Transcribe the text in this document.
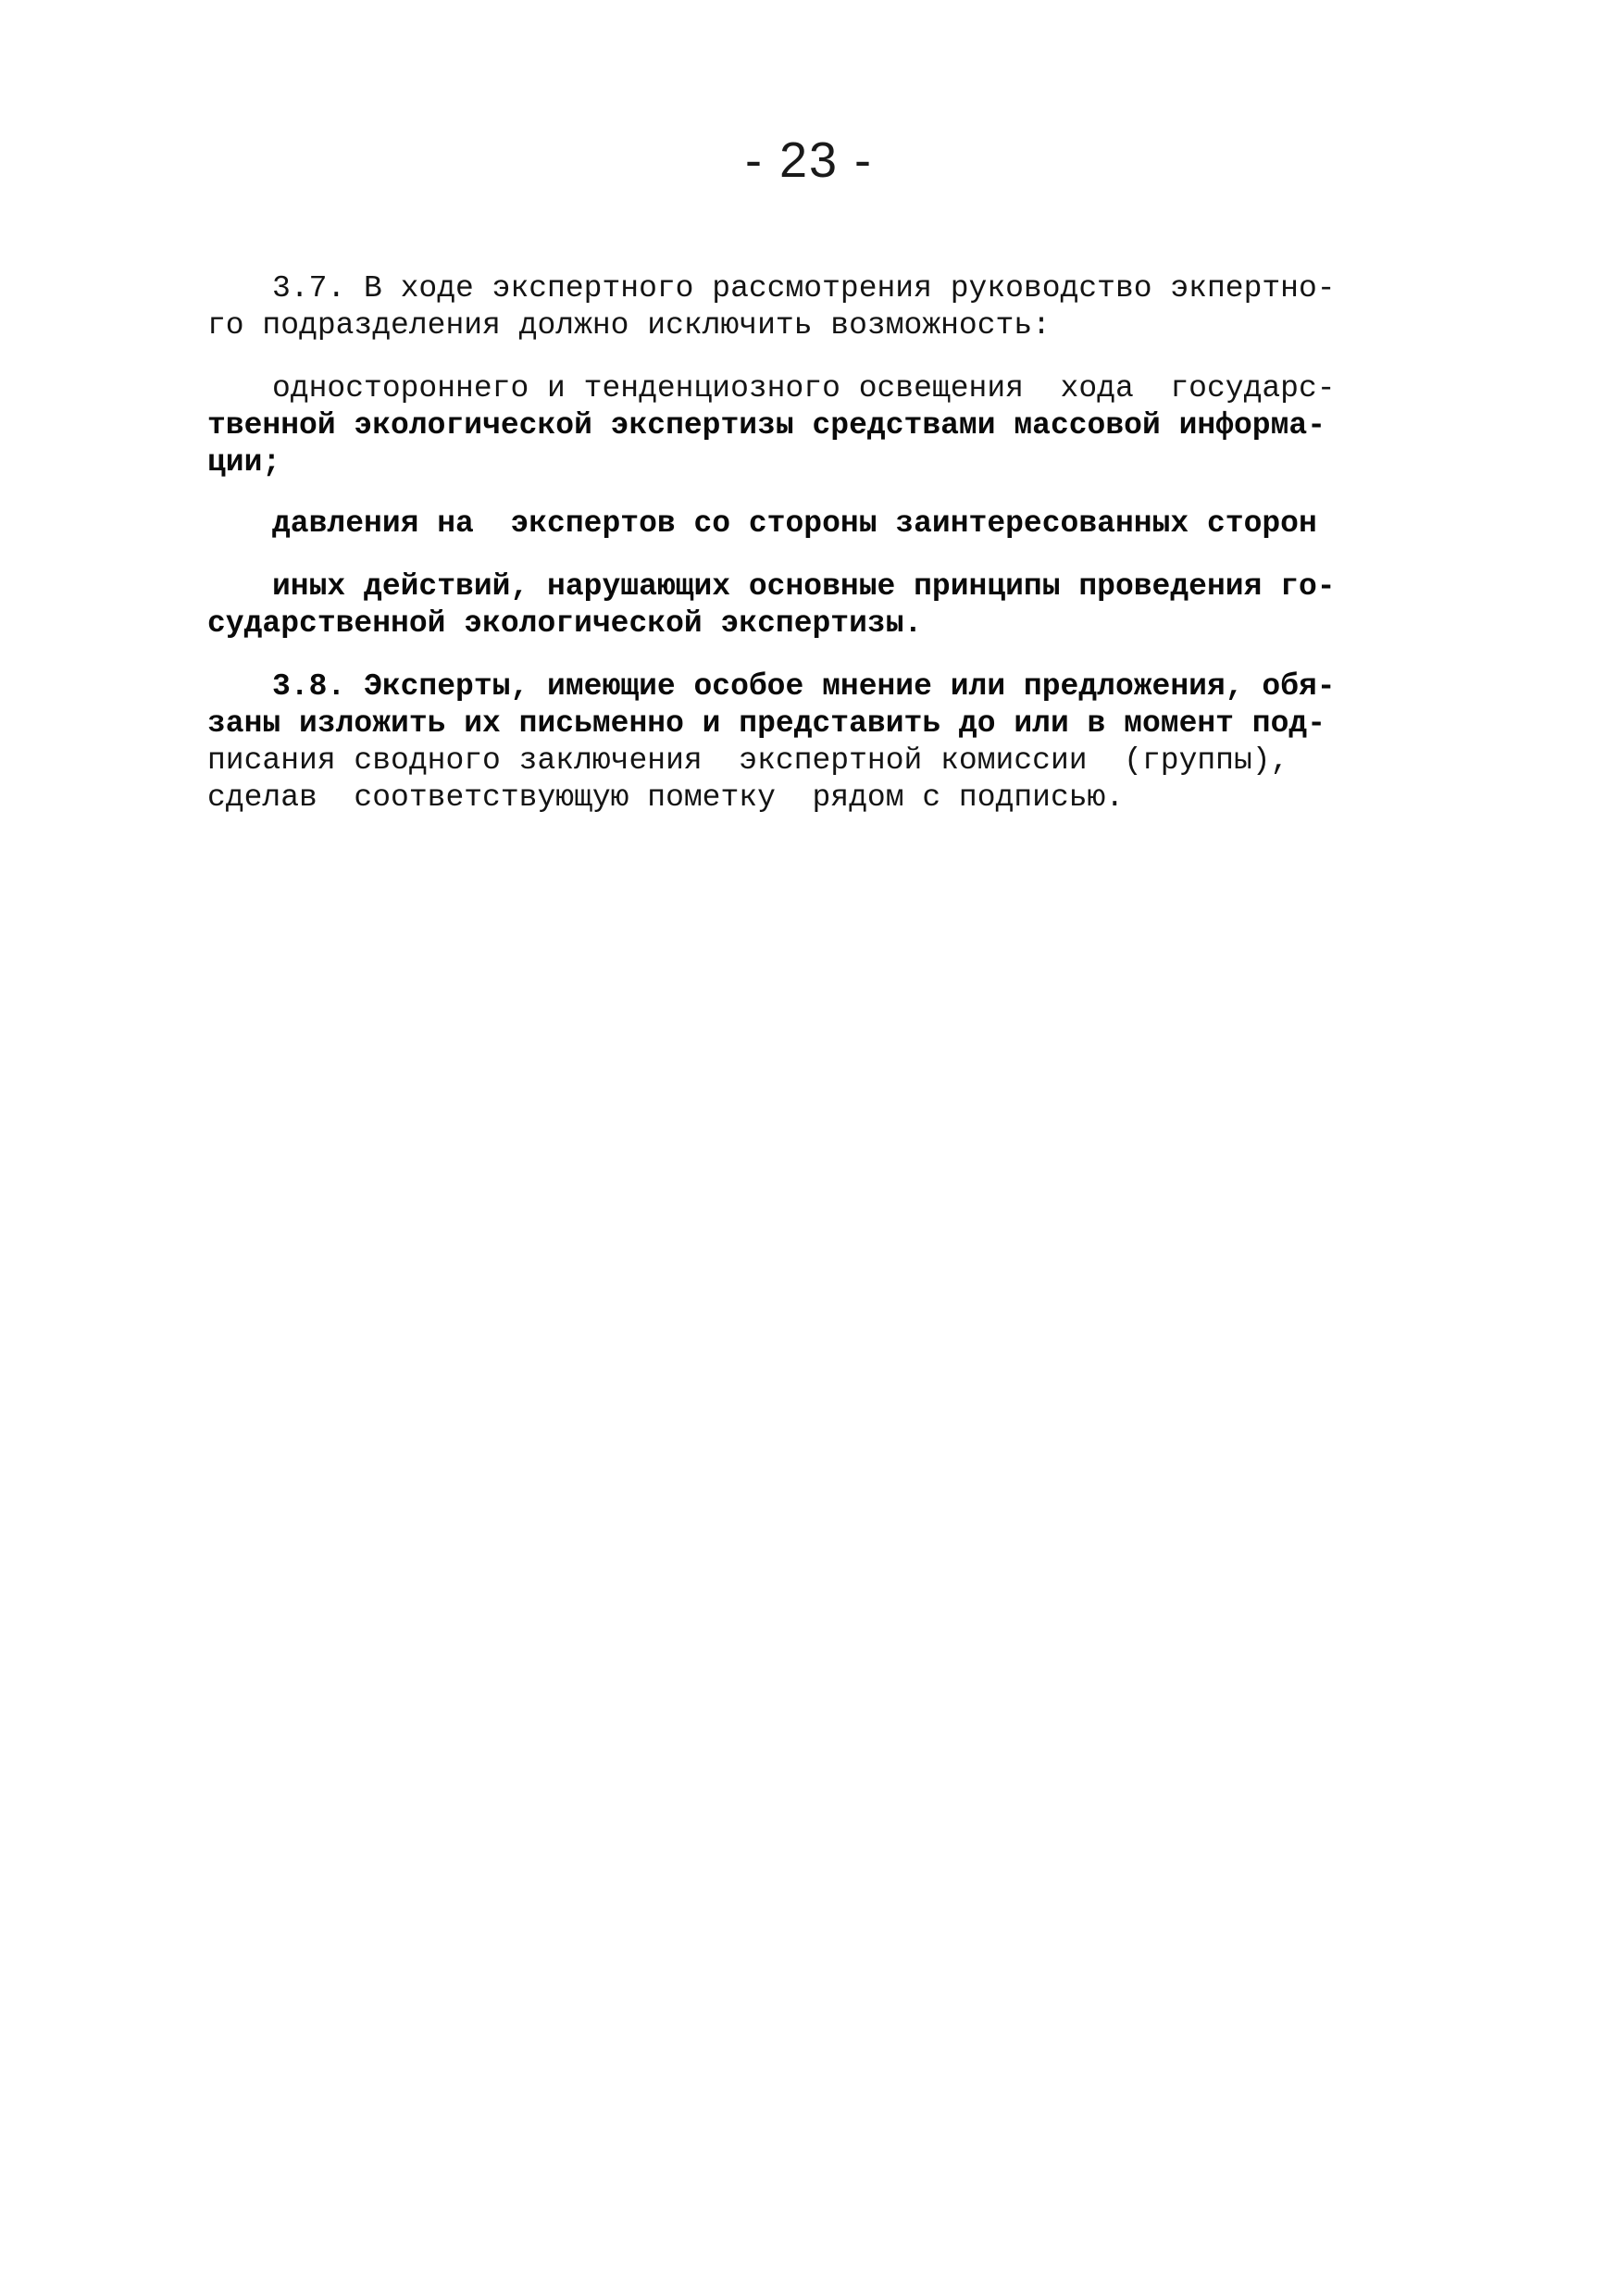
- 23 -
3.7. В ходе экспертного рассмотрения руководство экпертно-
го подразделения должно исключить возможность:
одностороннего и тенденциозного освещения  хода  государс-
твенной экологической экспертизы средствами массовой информа-
ции;
давления на  экспертов со стороны заинтересованных сторон
иных действий, нарушающих основные принципы проведения го-
сударственной экологической экспертизы.
3.8. Эксперты, имеющие особое мнение или предложения, обя-
заны изложить их письменно и представить до или в момент под-
писания сводного заключения  экспертной комиссии  (группы),
сделав  соответствующую пометку  рядом с подписью.
